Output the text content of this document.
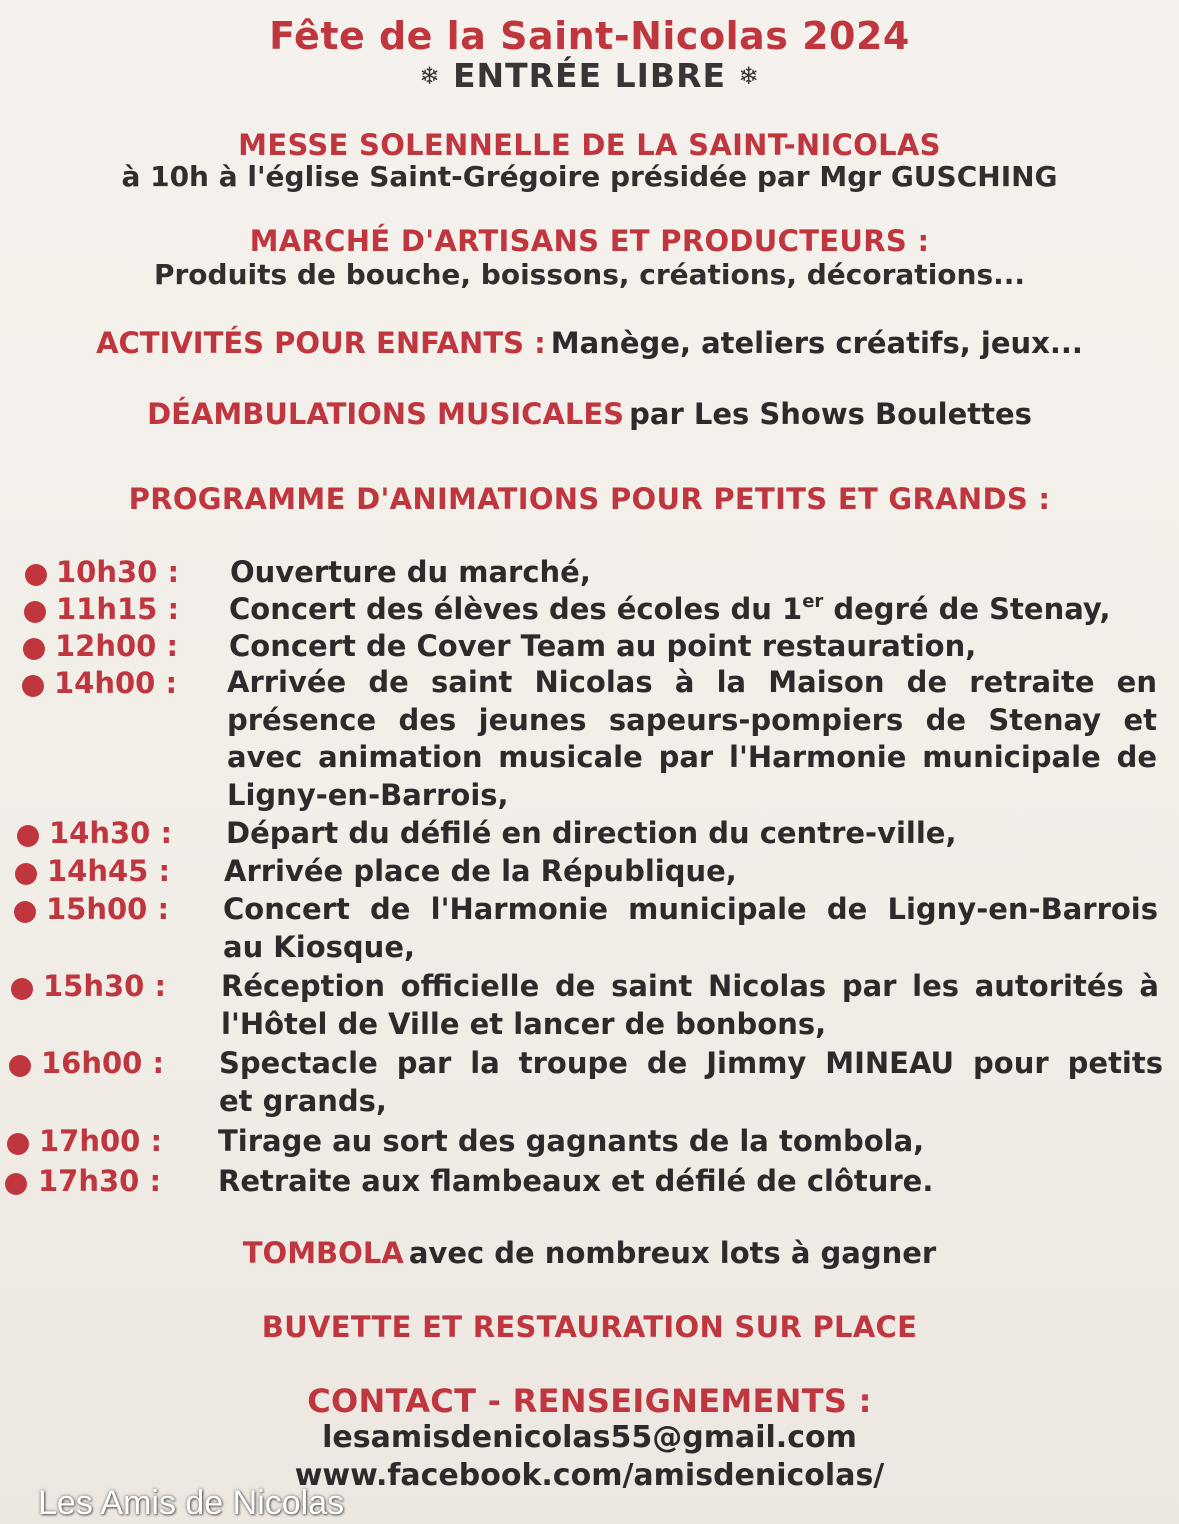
Fête de la Saint-Nicolas 2024
❄ ENTRÉE LIBRE ❄
MESSE SOLENNELLE DE LA SAINT-NICOLAS
à 10h à l'église Saint-Grégoire présidée par Mgr GUSCHING
MARCHÉ D'ARTISANS ET PRODUCTEURS :
Produits de bouche, boissons, créations, décorations...
ACTIVITÉS POUR ENFANTS : Manège, ateliers créatifs, jeux...
DÉAMBULATIONS MUSICALES par Les Shows Boulettes
PROGRAMME D'ANIMATIONS POUR PETITS ET GRANDS :
10h30 : Ouverture du marché,
11h15 : Concert des élèves des écoles du 1er degré de Stenay,
12h00 : Concert de Cover Team au point restauration,
14h00 : Arrivée de saint Nicolas à la Maison de retraite en
présence des jeunes sapeurs-pompiers de Stenay et
avec animation musicale par l'Harmonie municipale de
Ligny-en-Barrois,
14h30 : Départ du défilé en direction du centre-ville,
14h45 : Arrivée place de la République,
15h00 : Concert de l'Harmonie municipale de Ligny-en-Barrois
au Kiosque,
15h30 : Réception officielle de saint Nicolas par les autorités à
l'Hôtel de Ville et lancer de bonbons,
16h00 : Spectacle par la troupe de Jimmy MINEAU pour petits
et grands,
17h00 : Tirage au sort des gagnants de la tombola,
17h30 : Retraite aux flambeaux et défilé de clôture.
TOMBOLA avec de nombreux lots à gagner
BUVETTE ET RESTAURATION SUR PLACE
CONTACT - RENSEIGNEMENTS :
lesamisdenicolas55@gmail.com
www.facebook.com/amisdenicolas/
Les Amis de Nicolas
